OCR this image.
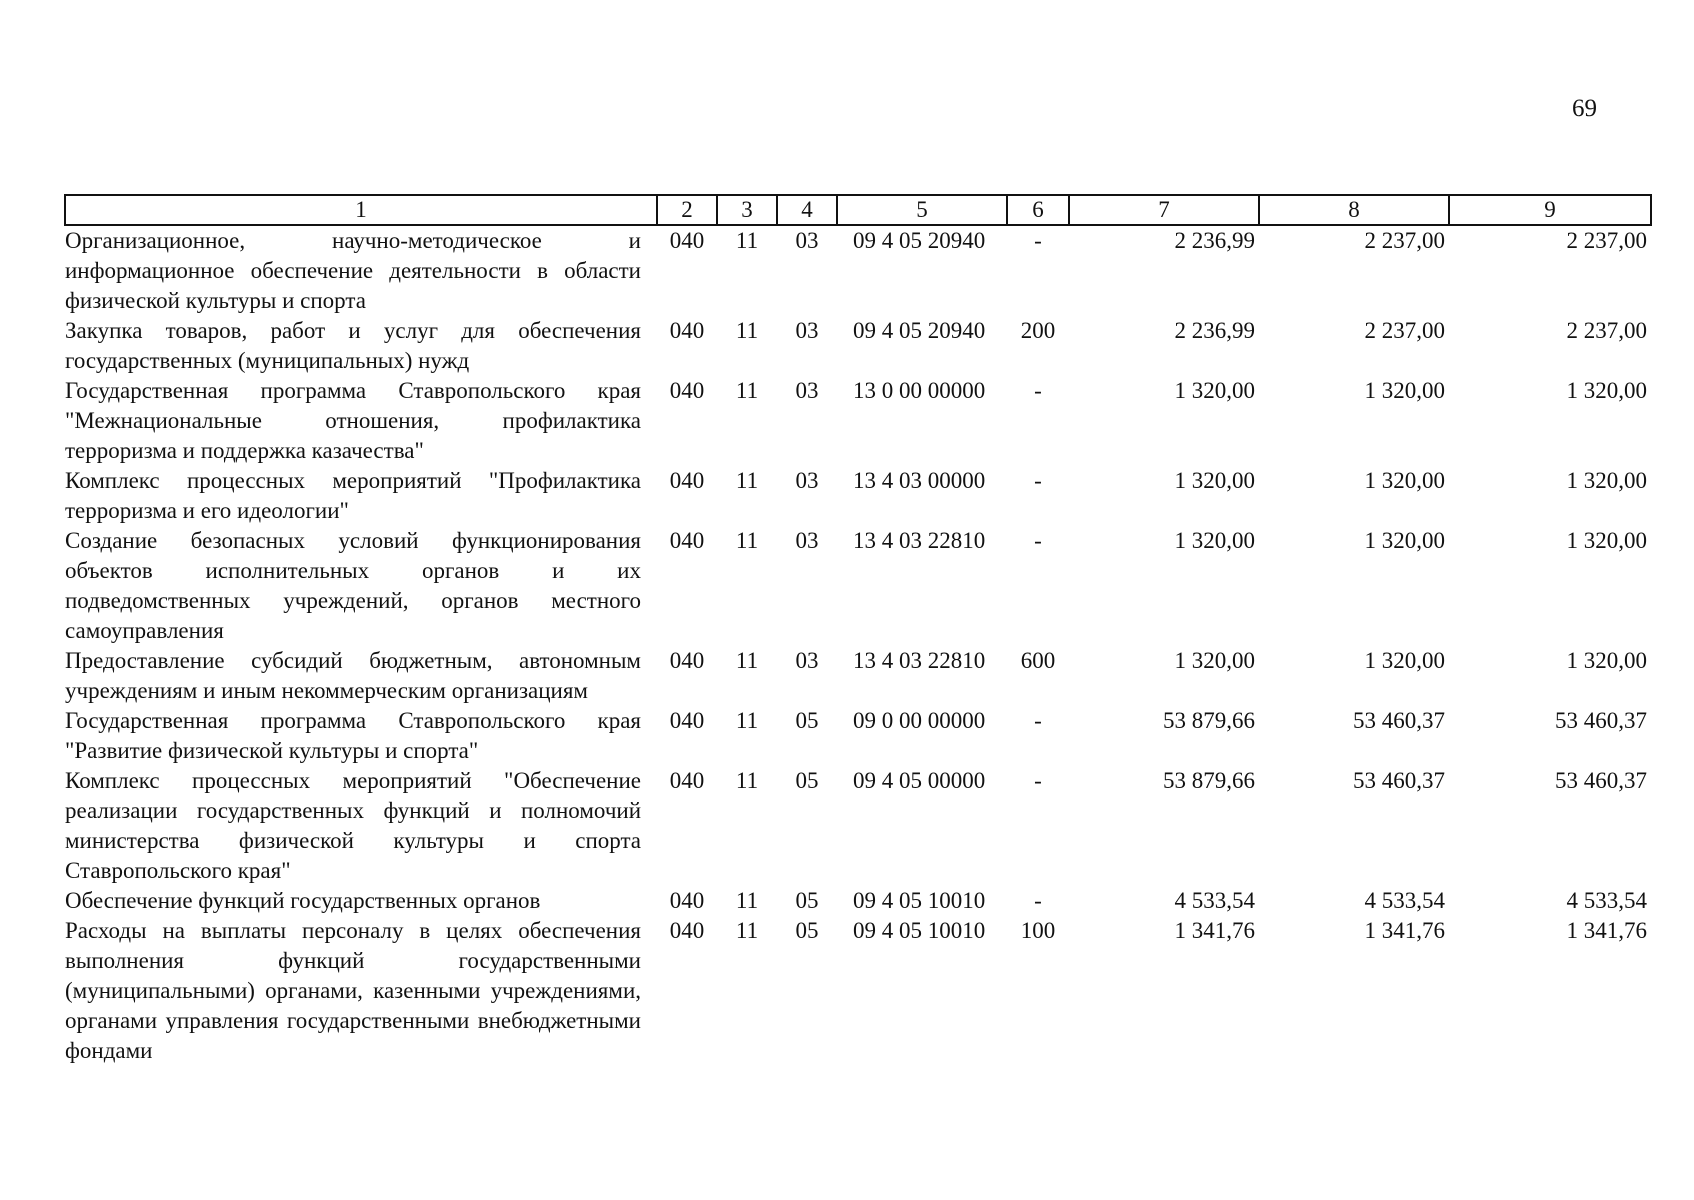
69
1	2	3	4	5	6	7	8	9
Организационное, научно-методическое и информационное обеспечение деятельности в области физической культуры и спорта	040	11	03	09 4 05 20940	-	2 236,99	2 237,00	2 237,00
Закупка товаров, работ и услуг для обеспечения государственных (муниципальных) нужд	040	11	03	09 4 05 20940	200	2 236,99	2 237,00	2 237,00
Государственная программа Ставропольского края "Межнациональные отношения, профилактика терроризма и поддержка казачества"	040	11	03	13 0 00 00000	-	1 320,00	1 320,00	1 320,00
Комплекс процессных мероприятий "Профилактика терроризма и его идеологии"	040	11	03	13 4 03 00000	-	1 320,00	1 320,00	1 320,00
Создание безопасных условий функционирования объектов исполнительных органов и их подведомственных учреждений, органов местного самоуправления	040	11	03	13 4 03 22810	-	1 320,00	1 320,00	1 320,00
Предоставление субсидий бюджетным, автономным учреждениям и иным некоммерческим организациям	040	11	03	13 4 03 22810	600	1 320,00	1 320,00	1 320,00
Государственная программа Ставропольского края "Развитие физической культуры и спорта"	040	11	05	09 0 00 00000	-	53 879,66	53 460,37	53 460,37
Комплекс процессных мероприятий "Обеспечение реализации государственных функций и полномочий министерства физической культуры и спорта Ставропольского края"	040	11	05	09 4 05 00000	-	53 879,66	53 460,37	53 460,37
Обеспечение функций государственных органов	040	11	05	09 4 05 10010	-	4 533,54	4 533,54	4 533,54
Расходы на выплаты персоналу в целях обеспечения выполнения функций государственными (муниципальными) органами, казенными учреждениями, органами управления государственными внебюджетными фондами	040	11	05	09 4 05 10010	100	1 341,76	1 341,76	1 341,76
